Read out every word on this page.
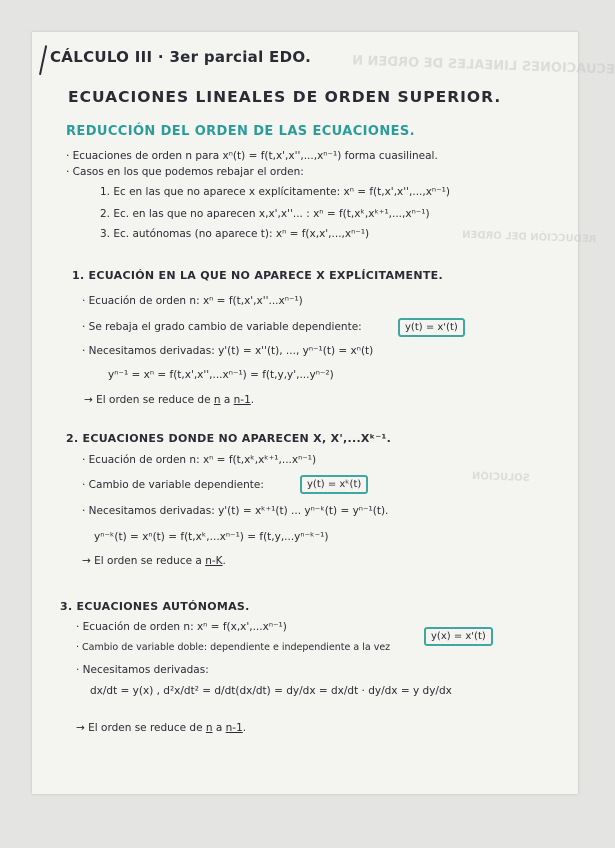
ECUACIONES LINEALES DE ORDEN N
REDUCCIÓN DEL ORDEN
SOLUCIÓN
CÁLCULO III · 3er parcial EDO.
ECUACIONES LINEALES DE ORDEN SUPERIOR.
REDUCCIÓN DEL ORDEN DE LAS ECUACIONES.
· Ecuaciones de orden n para xⁿ(t) = f(t,x',x'',...,xⁿ⁻¹) forma cuasilineal.
· Casos en los que podemos rebajar el orden:
1. Ec en las que no aparece x explícitamente: xⁿ = f(t,x',x'',...,xⁿ⁻¹)
2. Ec. en las que no aparecen x,x',x''... : xⁿ = f(t,xᵏ,xᵏ⁺¹,...,xⁿ⁻¹)
3. Ec. autónomas (no aparece t): xⁿ = f(x,x',...,xⁿ⁻¹)
1. ECUACIÓN EN LA QUE NO APARECE X EXPLÍCITAMENTE.
· Ecuación de orden n: xⁿ = f(t,x',x''...xⁿ⁻¹)
· Se rebaja el grado cambio de variable dependiente:	y(t) = x'(t)
· Necesitamos derivadas: y'(t) = x''(t), ..., yⁿ⁻¹(t) = xⁿ(t)
yⁿ⁻¹ = xⁿ = f(t,x',x'',...xⁿ⁻¹) = f(t,y,y',...yⁿ⁻²)
→ El orden se reduce de n a n-1.
2. ECUACIONES DONDE NO APARECEN X, X',...Xᵏ⁻¹.
· Ecuación de orden n: xⁿ = f(t,xᵏ,xᵏ⁺¹,...xⁿ⁻¹)
· Cambio de variable dependiente:	y(t) = xᵏ(t)
· Necesitamos derivadas: y'(t) = xᵏ⁺¹(t) ... yⁿ⁻ᵏ(t) = yⁿ⁻¹(t).
yⁿ⁻ᵏ(t) = xⁿ(t) = f(t,xᵏ,...xⁿ⁻¹) = f(t,y,...yⁿ⁻ᵏ⁻¹)
→ El orden se reduce a n-K.
3. ECUACIONES AUTÓNOMAS.
· Ecuación de orden n: xⁿ = f(x,x',...xⁿ⁻¹)
· Cambio de variable doble: dependiente e independiente a la vez
y(x) = x'(t)
· Necesitamos derivadas:
dx/dt = y(x) , d²x/dt² = d/dt(dx/dt) = dy/dx = dx/dt · dy/dx = y dy/dx
→ El orden se reduce de n a n-1.
